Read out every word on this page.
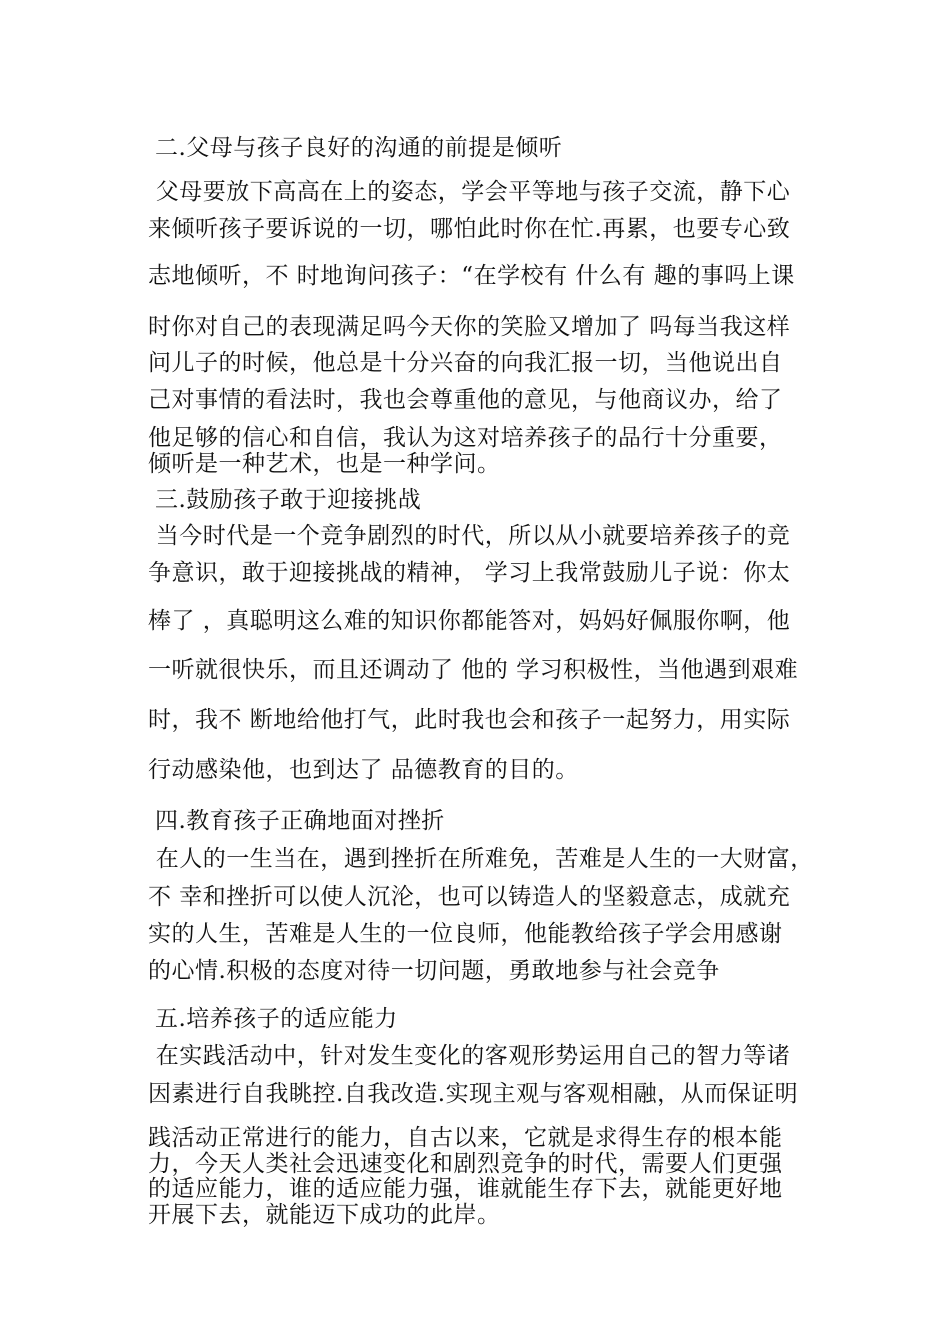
二.父母与孩子良好的沟通的前提是倾听
父母要放下高高在上的姿态，学会平等地与孩子交流，静下心
来倾听孩子要诉说的一切，哪怕此时你在忙.再累，也要专心致
志地倾听，不 时地询问孩子：“在学校有 什么有 趣的事吗上课
时你对自己的表现满足吗今天你的笑脸又增加了 吗每当我这样
问儿子的时候，他总是十分兴奋的向我汇报一切，当他说出自
己对事情的看法时，我也会尊重他的意见，与他商议办，给了
他足够的信心和自信，我认为这对培养孩子的品行十分重要，
倾听是一种艺术，也是一种学问。
三.鼓励孩子敢于迎接挑战
当今时代是一个竞争剧烈的时代，所以从小就要培养孩子的竞
争意识，敢于迎接挑战的精神， 学习上我常鼓励儿子说：你太
棒了 ，真聪明这么难的知识你都能答对，妈妈好佩服你啊，他
一听就很快乐，而且还调动了 他的 学习积极性，当他遇到艰难
时，我不 断地给他打气，此时我也会和孩子一起努力，用实际
行动感染他，也到达了 品德教育的目的。
四.教育孩子正确地面对挫折
在人的一生当在，遇到挫折在所难免，苦难是人生的一大财富，
不 幸和挫折可以使人沉沦，也可以铸造人的坚毅意志，成就充
实的人生，苦难是人生的一位良师，他能教给孩子学会用感谢
的心情.积极的态度对待一切问题，勇敢地参与社会竞争
五.培养孩子的适应能力
在实践活动中，针对发生变化的客观形势运用自己的智力等诸
因素进行自我眺控.自我改造.实现主观与客观相融，从而保证明
践活动正常进行的能力，自古以来，它就是求得生存的根本能
力，今天人类社会迅速变化和剧烈竞争的时代，需要人们更强
的适应能力，谁的适应能力强，谁就能生存下去，就能更好地
开展下去，就能迈下成功的此岸。
